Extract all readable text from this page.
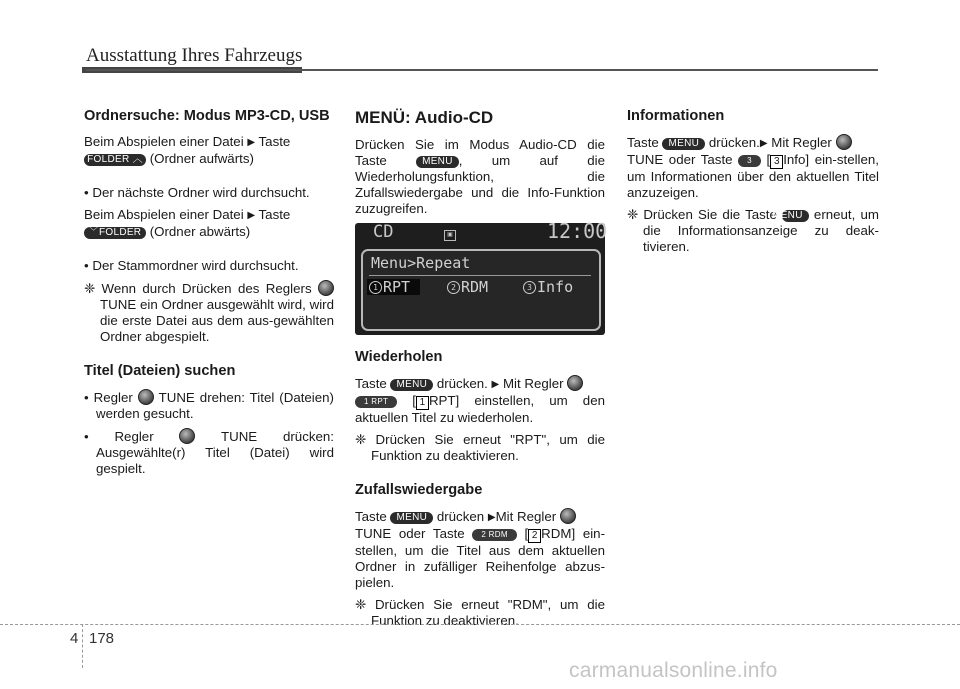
Ausstattung Ihres Fahrzeugs
Ordnersuche: Modus MP3-CD, USB

Beim Abspielen einer Datei ▶ Taste
FOLDER ︿ (Ordner aufwärts)

• Der nächste Ordner wird durchsucht.

Beim Abspielen einer Datei ▶ Taste
﹀FOLDER (Ordner abwärts)

• Der Stammordner wird durchsucht.

❈ Wenn durch Drücken des Reglers  TUNE ein Ordner ausgewählt wird, wird die erste Datei aus dem aus-gewählten Ordner abgespielt.

Titel (Dateien) suchen

• Regler TUNE drehen: Titel (Dateien) werden gesucht.

• Regler	TUNE drücken: Ausgewählte(r) Titel (Datei) wird gespielt.

MENÜ: Audio-CD

Drücken Sie im Modus Audio-CD die Taste	MENU , um auf die Wiederholungsfunktion, die Zufallswiedergabe und die Info-Funktion zuzugreifen.

CD	▣	12:00
Menu>Repeat
1 RPT	2 RDM	3 Info
Wiederholen

Taste MENU drücken. ▶ Mit Regler
1 RPT [ 1 RPT] einstellen, um den aktuellen Titel zu wiederholen.

❈ Drücken Sie erneut "RPT", um die Funktion zu deaktivieren.

Zufallswiedergabe

Taste MENU drücken ▶Mit Regler
TUNE oder Taste 2 RDM [ 2 RDM] ein-stellen, um die Titel aus dem aktuellen Ordner in zufälliger Reihenfolge abzus-pielen.

❈ Drücken Sie erneut "RDM", um die Funktion zu deaktivieren.

Informationen

Taste MENU drücken.▶ Mit Regler
TUNE oder Taste 3 [ 3 Info] ein-stellen, um Informationen über den aktuellen Titel anzuzeigen.

❈ Drücken Sie die Taste MENU erneut, um die Informationsanzeige zu deak-tivieren.

4 178
carmanualsonline.info
